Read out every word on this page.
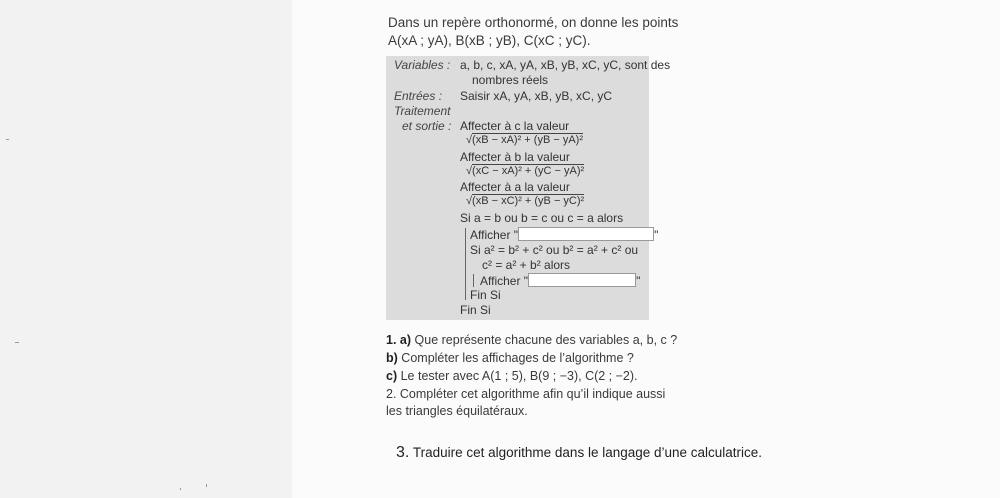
Dans un repère orthonormé, on donne les points
A(xA ; yA), B(xB ; yB), C(xC ; yC).
Variables : a, b, c, xA, yA, xB, yB, xC, yC, sont des
nombres réels
Entrées : Saisir xA, yA, xB, yB, xC, yC
Traitement
et sortie : Affecter à c la valeur
√(xB − xA)² + (yB − yA)²
Affecter à b la valeur
√(xC − xA)² + (yC − yA)²
Affecter à a la valeur
√(xB − xC)² + (yB − yC)²
Si a = b ou b = c ou c = a alors
Afficher "	"
Si a² = b² + c² ou b² = a² + c² ou
c² = a² + b² alors
Afficher "	"
Fin Si
Fin Si
1. a) Que représente chacune des variables a, b, c ?
b) Compléter les affichages de l’algorithme ?
c) Le tester avec A(1 ; 5), B(9 ; −3), C(2 ; −2).
2. Compléter cet algorithme afin qu’il indique aussi
les triangles équilatéraux.
3. Traduire cet algorithme dans le langage d’une calculatrice.
